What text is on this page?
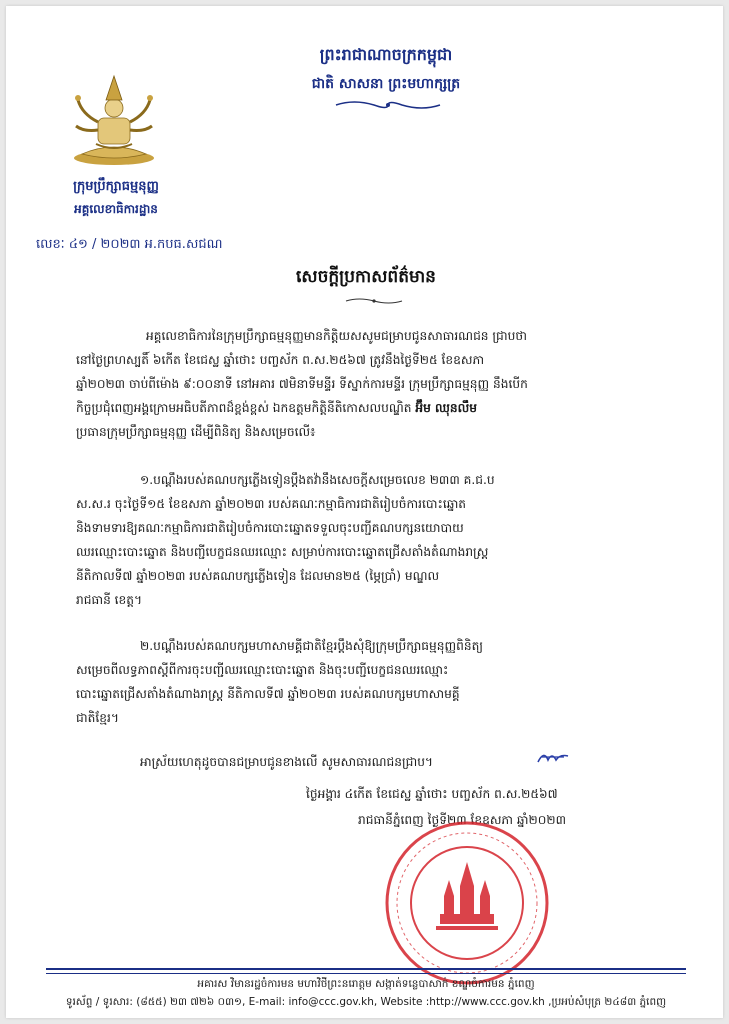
ក្រុមប្រឹក្សាធម្មនុញ្ញ
អគ្គលេខាធិការដ្ឋាន
ព្រះរាជាណាចក្រកម្ពុជា
ជាតិ សាសនា ព្រះមហាក្សត្រ
លេខៈ ៤១ / ២០២៣ អ.កបធ.សជណ
សេចក្តីប្រកាសព័ត៌មាន
អគ្គលេខាធិការនៃក្រុមប្រឹក្សាធម្មនុញ្ញមានកិត្តិយសសូមជម្រាបជូនសាធារណជន ជ្រាបថា
នៅថ្ងៃព្រហស្បតិ៍ ៦កើត ខែជេស្ឋ ឆ្នាំថោះ បញ្ចស័ក ព.ស.២៥៦៧ ត្រូវនឹងថ្ងៃទី២៥ ខែឧសភា
ឆ្នាំ២០២៣ ចាប់ពីម៉ោង ៩:០០នាទី នៅអគារ ៧មិនាទីមន្ទីរ ទីស្នាក់ការមន្ទីរ ក្រុមប្រឹក្សាធម្មនុញ្ញ នឹងបើក
កិច្ចប្រជុំពេញអង្គក្រោមអធិបតីភាពដ៏ខ្ពង់ខ្ពស់ ឯកឧត្តមកិត្តិនីតិកោសលបណ្ឌិត អ៊ឹម ឈុនលឹម
ប្រធានក្រុមប្រឹក្សាធម្មនុញ្ញ ដើម្បីពិនិត្យ និងសម្រេចលើ៖
១.បណ្ដឹងរបស់គណបក្សភ្លើងទៀនប្ដឹងតវ៉ានឹងសេចក្តីសម្រេចលេខ ២៣៣ គ.ជ.ប
ស.ស.រ ចុះថ្ងៃទី១៥ ខែឧសភា ឆ្នាំ២០២៣ របស់គណៈកម្មាធិការជាតិរៀបចំការបោះឆ្នោត
និងទាមទារឱ្យគណៈកម្មាធិការជាតិរៀបចំការបោះឆ្នោតទទួលចុះបញ្ជីគណបក្សនយោបាយ
ឈរឈ្មោះបោះឆ្នោត និងបញ្ជីបេក្ខជនឈរឈ្មោះ សម្រាប់ការបោះឆ្នោតជ្រើសតាំងតំណាងរាស្ត្រ
នីតិកាលទី៧ ឆ្នាំ២០២៣ របស់គណបក្សភ្លើងទៀន ដែលមាន២៥ (ម្ភៃប្រាំ) មណ្ឌល
រាជធានី ខេត្ត។
២.បណ្ដឹងរបស់គណបក្សមហាសាមគ្គីជាតិខ្មែរប្ដឹងសុំឱ្យក្រុមប្រឹក្សាធម្មនុញ្ញពិនិត្យ
សម្រេចពីលទ្ធភាពស្ដីពីការចុះបញ្ជីឈរឈ្មោះបោះឆ្នោត និងចុះបញ្ជីបេក្ខជនឈរឈ្មោះ
បោះឆ្នោតជ្រើសតាំងតំណាងរាស្ត្រ នីតិកាលទី៧ ឆ្នាំ២០២៣ របស់គណបក្សមហាសាមគ្គី
ជាតិខ្មែរ។
អាស្រ័យហេតុដូចបានជម្រាបជូនខាងលើ សូមសាធារណជនជ្រាប។
ថ្ងៃអង្គារ ៤កើត ខែជេស្ឋ ឆ្នាំថោះ បញ្ចស័ក ព.ស.២៥៦៧
រាជធានីភ្នំពេញ ថ្ងៃទី២៣ ខែឧសភា ឆ្នាំ២០២៣
អគារស វិមានរដ្ឋចំការមន មហាវិថីព្រះនរោត្តម សង្កាត់ទន្លេបាសាក់ ខណ្ឌចំការមន ភ្នំពេញ
ទូរស័ព្ទ / ទូរសារ: (៨៥៥) ២៣ ៧២៦ ០៣១, E-mail: info@ccc.gov.kh, Website :http://www.ccc.gov.kh ,ប្រអប់សំបុត្រ ២៤៨៣ ភ្នំពេញ
